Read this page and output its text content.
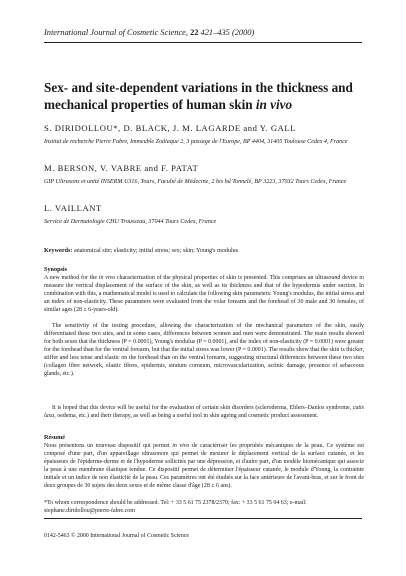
International Journal of Cosmetic Science, 22 421–435 (2000)
Sex- and site-dependent variations in the thickness and mechanical properties of human skin in vivo
S. DIRIDOLLOU*, D. BLACK, J. M. LAGARDE and Y. GALL
Institut de recherche Pierre Fabre, Immeuble Zodiaque 2, 3 passage de l'Europe, BP 4404, 31405 Toulouse Cedex 4, France
M. BERSON, V. VABRE and F. PATAT
GIP Ultrasons et unité INSERM U316, Tours, Faculté de Médecine, 2 bis bd Tonnelé, BP 3223, 37032 Tours Cedex, France
L. VAILLANT
Service de Dermatologie CHU Trousseau, 37044 Tours Cedex, France
Keywords: anatomical site; elasticity; initial stress; sex; skin; Young's modulus
Synopsis

A new method for the in vivo characterization of the physical properties of skin is presented. This comprises an ultrasound device to measure the vertical displacement of the surface of the skin, as well as its thickness and that of the hypodermis under suction. In combination with this, a mathematical model is used to calculate the following skin parameters: Young's modulus, the initial stress and an index of non-elasticity. These parameters were evaluated from the volar forearm and the forehead of 30 male and 30 females, of similar ages (28 ± 6-years-old).

The sensitivity of the testing procedure, allowing the characterization of the mechanical parameters of the skin, easily differentiated these two sites, and in some cases, differences between women and men were demonstrated. The main results showed for both sexes that the thickness (P = 0.0001), Young's modulus (P = 0.0001), and the index of non-elasticity (P = 0.0001) were greater for the forehead than for the ventral forearm, but that the initial stress was lower (P = 0.0001). The results show that the skin is thicker, stiffer and less tense and elastic on the forehead than on the ventral forearm, suggesting structural differences between these two sites (collagen fibre network, elastic fibres, epidermis, stratum corneum, microvascularization, actinic damage, presence of sebaceous glands, etc.).

It is hoped that this device will be useful for the evaluation of certain skin disorders (scleroderma, Ehlers–Danlos syndrome, cutis laxa, oedema, etc.) and their therapy, as well as being a useful tool in skin ageing and cosmetic product assessment.

Résumé

Nous présentons un nouveau dispositif qui permet in vivo de caractériser les propriétés mécaniques de la peau. Ce système est composé d'une part, d'un appareillage ultrasonore qui permet de mesurer le déplacement vertical de la surface cutanée, et les épaisseurs de l'épiderme-derme et de l'hypoderme sollicités par une dépression, et d'autre part, d'un modèle biomécanique qui associe la peau à une membrane élastique tendue. Ce dispositif permet de déterminer l'épaisseur cutanée, le module d'Young, la contrainte initiale et un indice de non élasticité de la peau. Ces paramètres ont été étudiés sur la face antérieure de l'avant-bras, et sur le front de deux groupes de 30 sujets des deux sexes et de même classe d'âge (28 ± 6 ans).

*To whom correspondence should be addressed. Tel: + 33 5 61 75 2378/2370; fax: + 33 5 61 75 04 63; e-mail: stephane.diridollou@pierre-fabre.com
0142-5463 © 2000 International Journal of Cosmetic Science
